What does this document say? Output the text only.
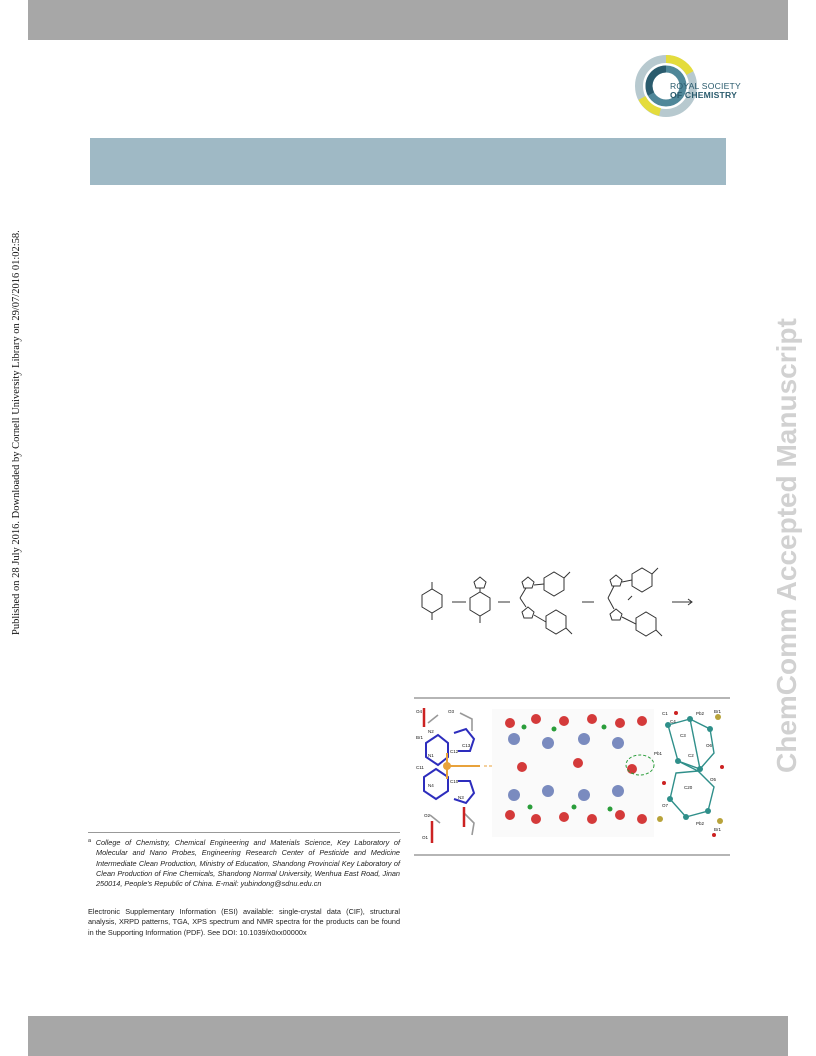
ROYAL SOCIETY
OF CHEMISTRY
Published on 28 July 2016. Downloaded by Cornell University Library on 29/07/2016 01:02:58.	ChemComm Accepted Manuscript
O4	O3
Br1
N2
C12
C13
N1
C11
C10
N4
N3
O1
O2
C1
C4
Pb2 Br1
C3
Pb1	C2
O6
O5
C20
Pb2
O7
Br1
$^a$ College of Chemistry, Chemical Engineering and Materials Science, Key Laboratory of Molecular and Nano Probes, Engineering Research Center of Pesticide and Medicine Intermediate Clean Production, Ministry of Education, Shandong Provincial Key Laboratory of Clean Production of Fine Chemicals, Shandong Normal University, Wenhua East Road, Jinan 250014, People's Republic of China. E-mail: yubindong@sdnu.edu.cn
Electronic Supplementary Information (ESI) available: single-crystal data (CIF), structural analysis, XRPD patterns, TGA, XPS spectrum and NMR spectra for the products can be found in the Supporting Information (PDF). See DOI: 10.1039/x0xx00000x
